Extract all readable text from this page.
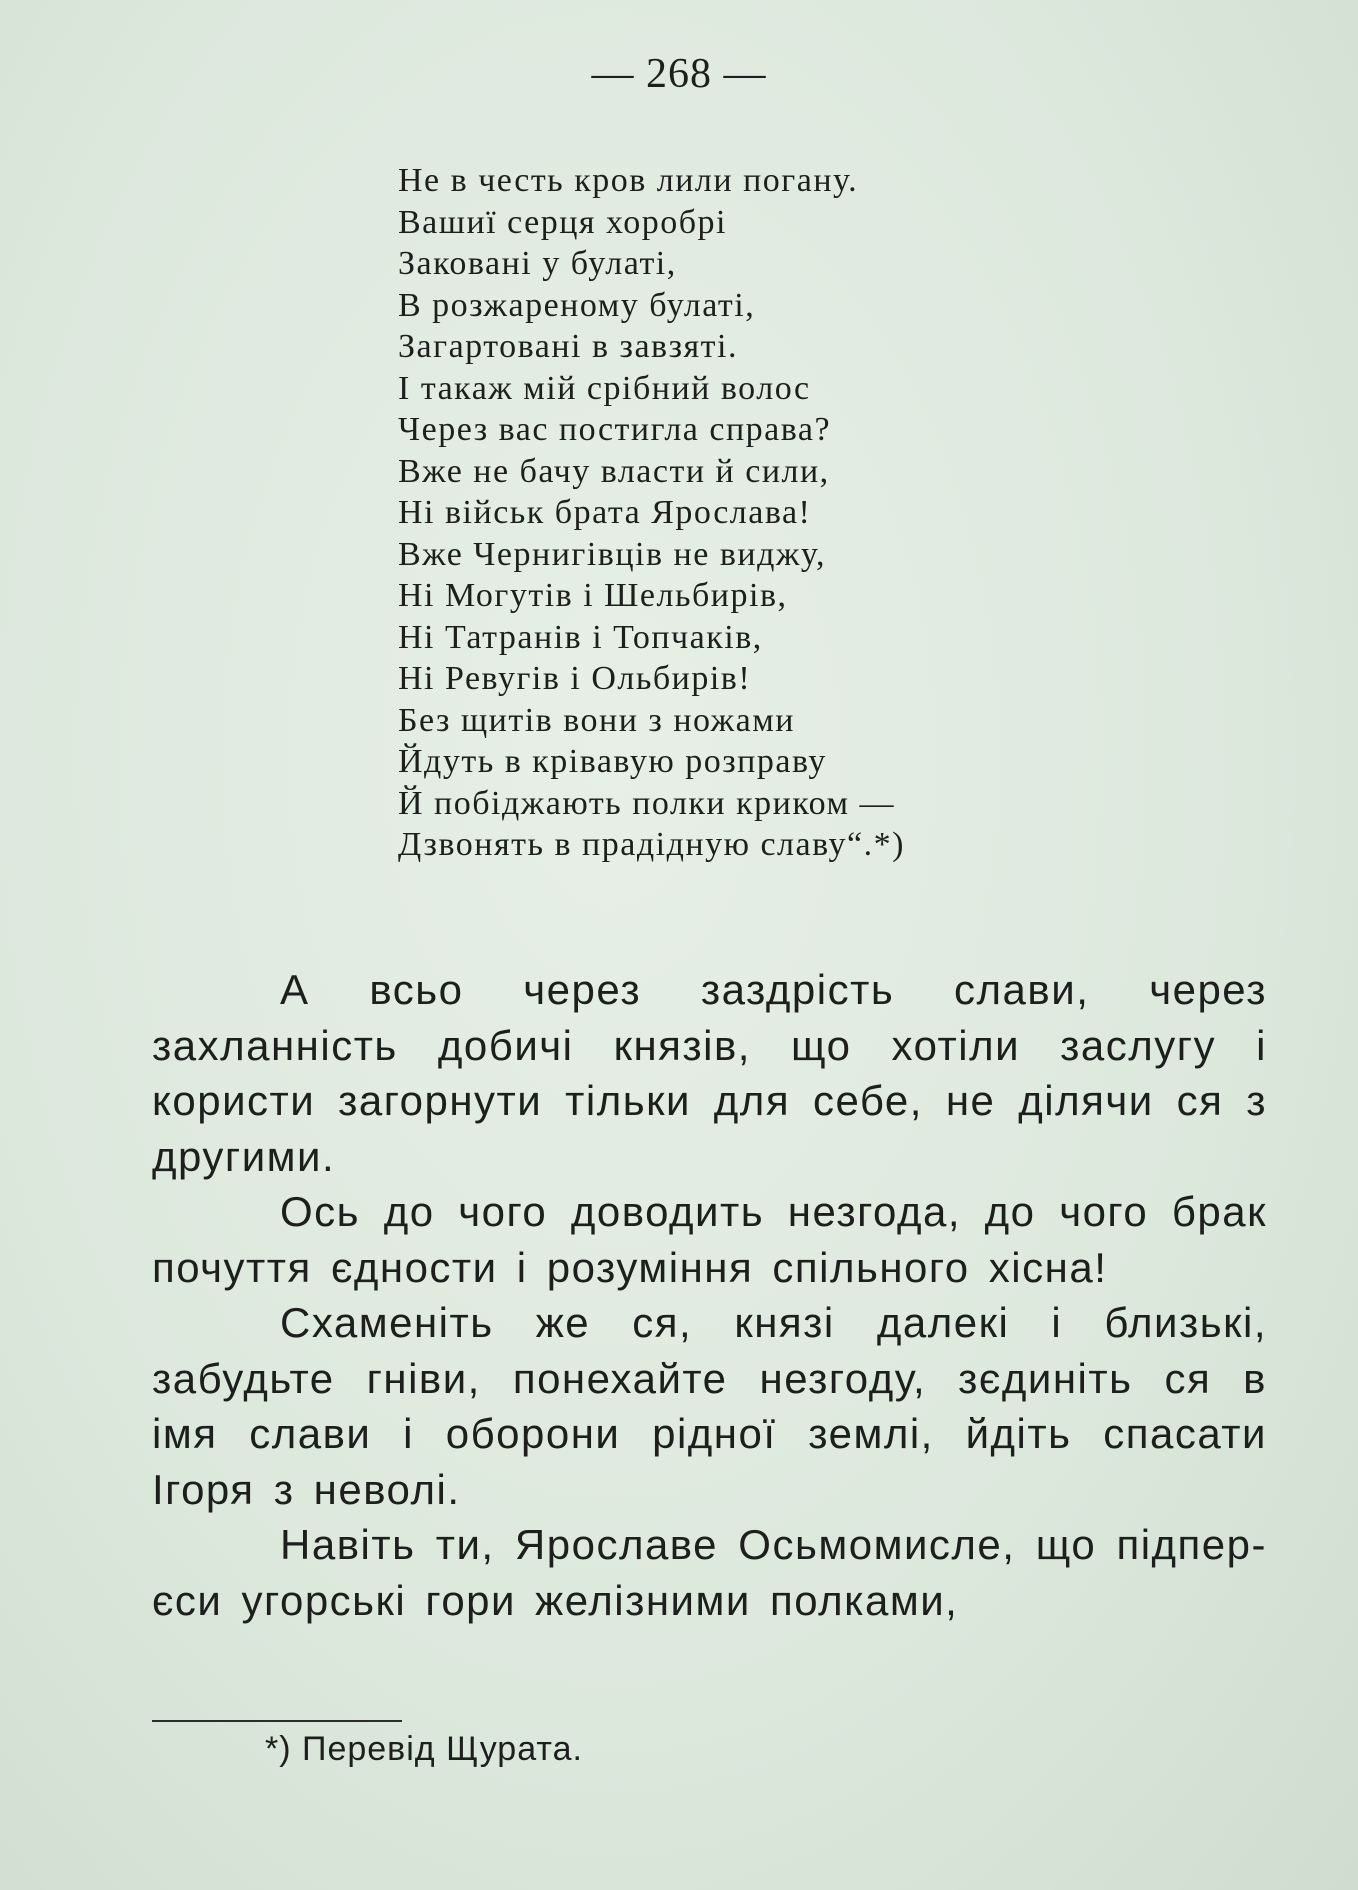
— 268 —
Не в честь кров лили погану.
Вашиї серця хоробрі
Заковані у булаті,
В розжареному булаті,
Загартовані в завзяті.
І такаж мій срібний волос
Через вас постигла справа?
Вже не бачу власти й сили,
Ні військ брата Ярослава!
Вже Чернигівців не виджу,
Ні Могутів і Шельбирів,
Ні Татранів і Топчаків,
Ні Ревугів і Ольбирів!
Без щитів вони з ножами
Йдуть в крівавую розправу
Й побіджають полки криком —
Дзвонять в прадідную славу“.*)

А всьо через заздрість слави, через захланність добичі князів, що хотіли заслугу і користи загорнути тільки для себе, не ділячи ся з другими.

Ось до чого доводить незгода, до чого брак почуття єдности і розуміння спільного хісна!

Схаменіть же ся, князі далекі і близькі, забудьте гніви, понехайте незгоду, зєдиніть ся в імя слави і оборони рідної землі, йдіть спасати Ігоря з неволі.

Навіть ти, Ярославе Осьмомисле, що підпер-єси угорські гори желізними полками,

*) Перевід Щурата.
